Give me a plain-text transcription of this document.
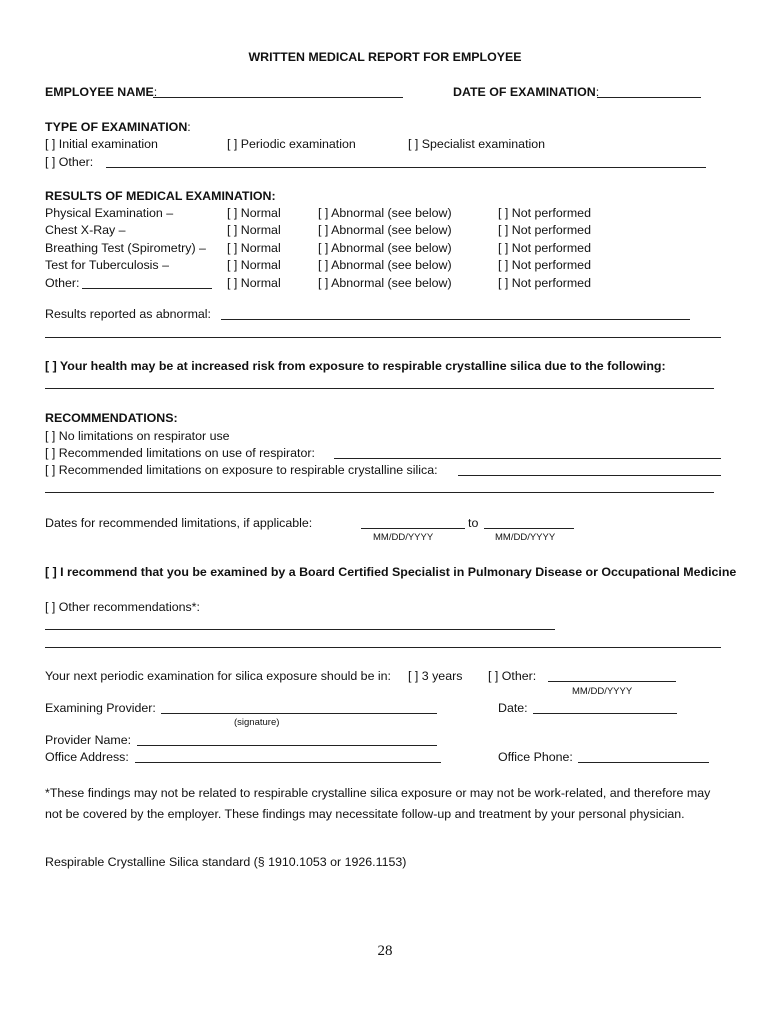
WRITTEN MEDICAL REPORT FOR EMPLOYEE
EMPLOYEE NAME:	DATE OF EXAMINATION:
TYPE OF EXAMINATION:
[ ] Initial examination	[ ] Periodic examination	[ ] Specialist examination
[ ] Other:
RESULTS OF MEDICAL EXAMINATION:
Physical Examination –	[ ] Normal	[ ] Abnormal (see below)	[ ] Not performed
Chest X-Ray –	[ ] Normal	[ ] Abnormal (see below)	[ ] Not performed
Breathing Test (Spirometry) – [ ] Normal	[ ] Abnormal (see below)	[ ] Not performed
Test for Tuberculosis –	[ ] Normal	[ ] Abnormal (see below)	[ ] Not performed
Other:	[ ] Normal	[ ] Abnormal (see below)	[ ] Not performed
Results reported as abnormal:
[ ] Your health may be at increased risk from exposure to respirable crystalline silica due to the following:
RECOMMENDATIONS:
[ ] No limitations on respirator use
[ ] Recommended limitations on use of respirator:
[ ] Recommended limitations on exposure to respirable crystalline silica:
Dates for recommended limitations, if applicable:	to
MM/DD/YYYY	MM/DD/YYYY
[ ] I recommend that you be examined by a Board Certified Specialist in Pulmonary Disease or Occupational Medicine
[ ] Other recommendations*:
Your next periodic examination for silica exposure should be in: [ ] 3 years [ ] Other:
MM/DD/YYYY
Examining Provider:
(signature)
Date:
Provider Name:
Office Address:	Office Phone:
*These findings may not be related to respirable crystalline silica exposure or may not be work-related, and therefore may not be covered by the employer. These findings may necessitate follow-up and treatment by your personal physician.
Respirable Crystalline Silica standard (§ 1910.1053 or 1926.1153)
28
